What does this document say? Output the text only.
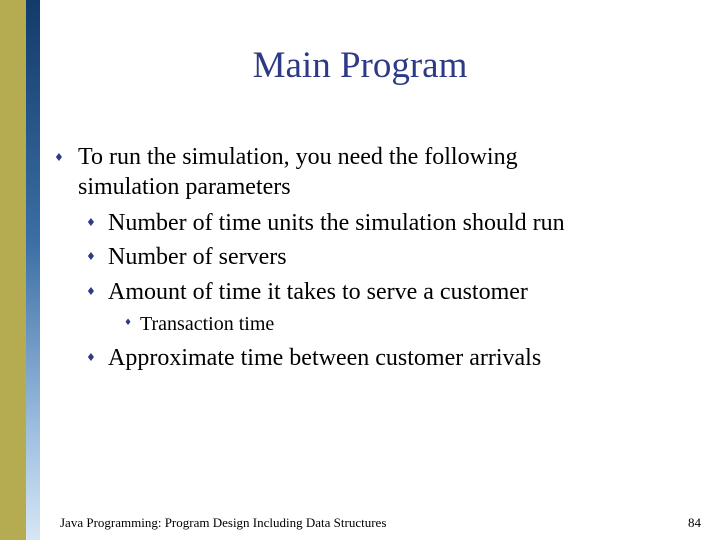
Main Program
♦ To run the simulation, you need the following
simulation parameters
♦ Number of time units the simulation should run
♦ Number of servers
♦ Amount of time it takes to serve a customer
♦ Transaction time
♦ Approximate time between customer arrivals
Java Programming: Program Design Including Data Structures	84
